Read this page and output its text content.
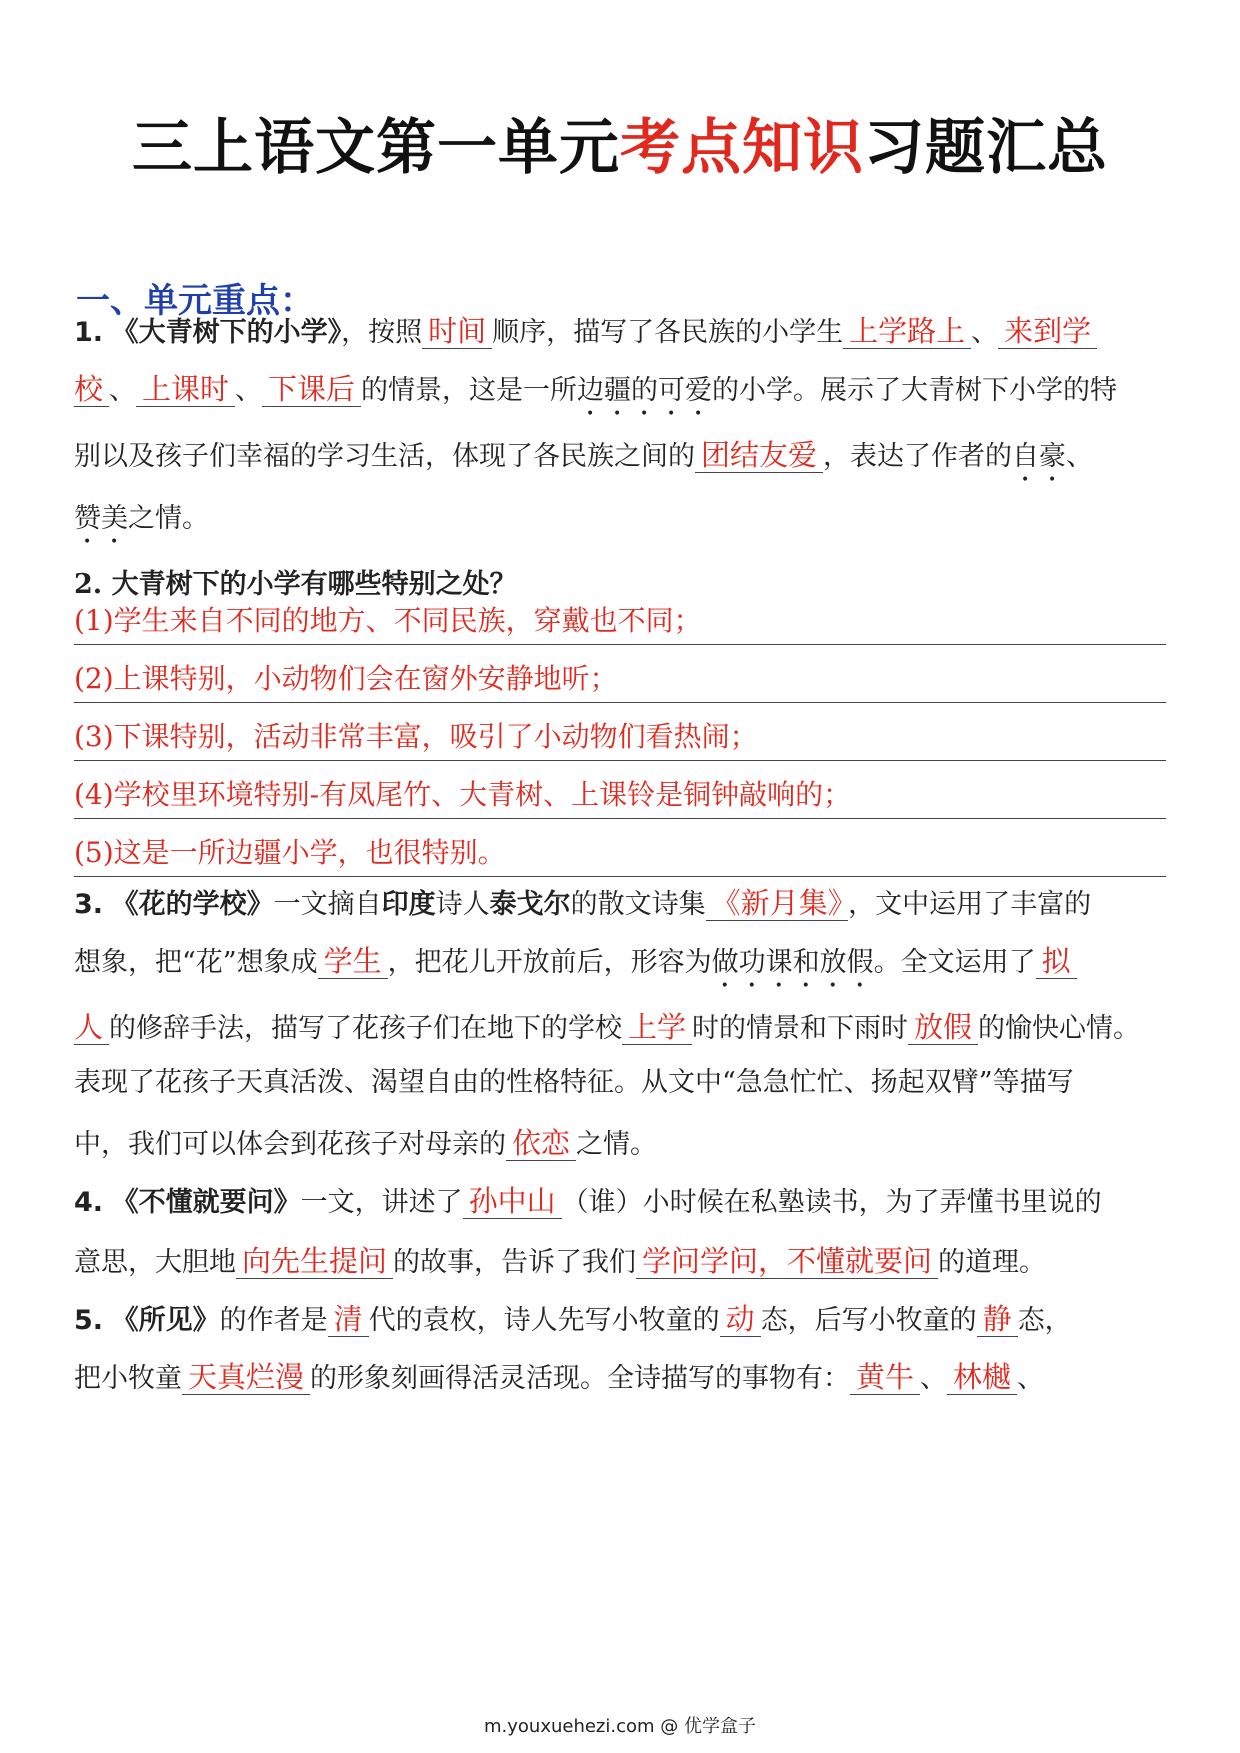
三上语文第一单元考点知识习题汇总
一、单元重点：
1. 《大青树下的小学》，按照 时间 顺序，描写了各民族的小学生 上学路上 、 来到学
校 、 上课时 、 下课后 的情景，这是一所边疆的可爱的小学。展示了大青树下小学的特
别以及孩子们幸福的学习生活，体现了各民族之间的 团结友爱 ，表达了作者的自豪、
赞美之情。
2. 大青树下的小学有哪些特别之处？
(1)学生来自不同的地方、不同民族，穿戴也不同；
(2)上课特别，小动物们会在窗外安静地听；
(3)下课特别，活动非常丰富，吸引了小动物们看热闹；
(4)学校里环境特别-有凤尾竹、大青树、上课铃是铜钟敲响的；
(5)这是一所边疆小学，也很特别。
3. 《花的学校》一文摘自印度诗人泰戈尔的散文诗集 《新月集》 ，文中运用了丰富的
想象，把“花”想象成 学生 ，把花儿开放前后，形容为做功课和放假。全文运用了 拟
人 的修辞手法，描写了花孩子们在地下的学校 上学 时的情景和下雨时 放假 的愉快心情。
表现了花孩子天真活泼、渴望自由的性格特征。从文中“急急忙忙、扬起双臂”等描写
中，我们可以体会到花孩子对母亲的 依恋 之情。
4. 《不懂就要问》一文，讲述了 孙中山 （谁）小时候在私塾读书，为了弄懂书里说的
意思，大胆地 向先生提问 的故事，告诉了我们 学问学问，不懂就要问 的道理。
5. 《所见》的作者是 清 代的袁枚，诗人先写小牧童的 动 态，后写小牧童的 静 态，
把小牧童 天真烂漫 的形象刻画得活灵活现。全诗描写的事物有： 黄牛 、 林樾 、
m.youxuehezi.com @ 优学盒子
